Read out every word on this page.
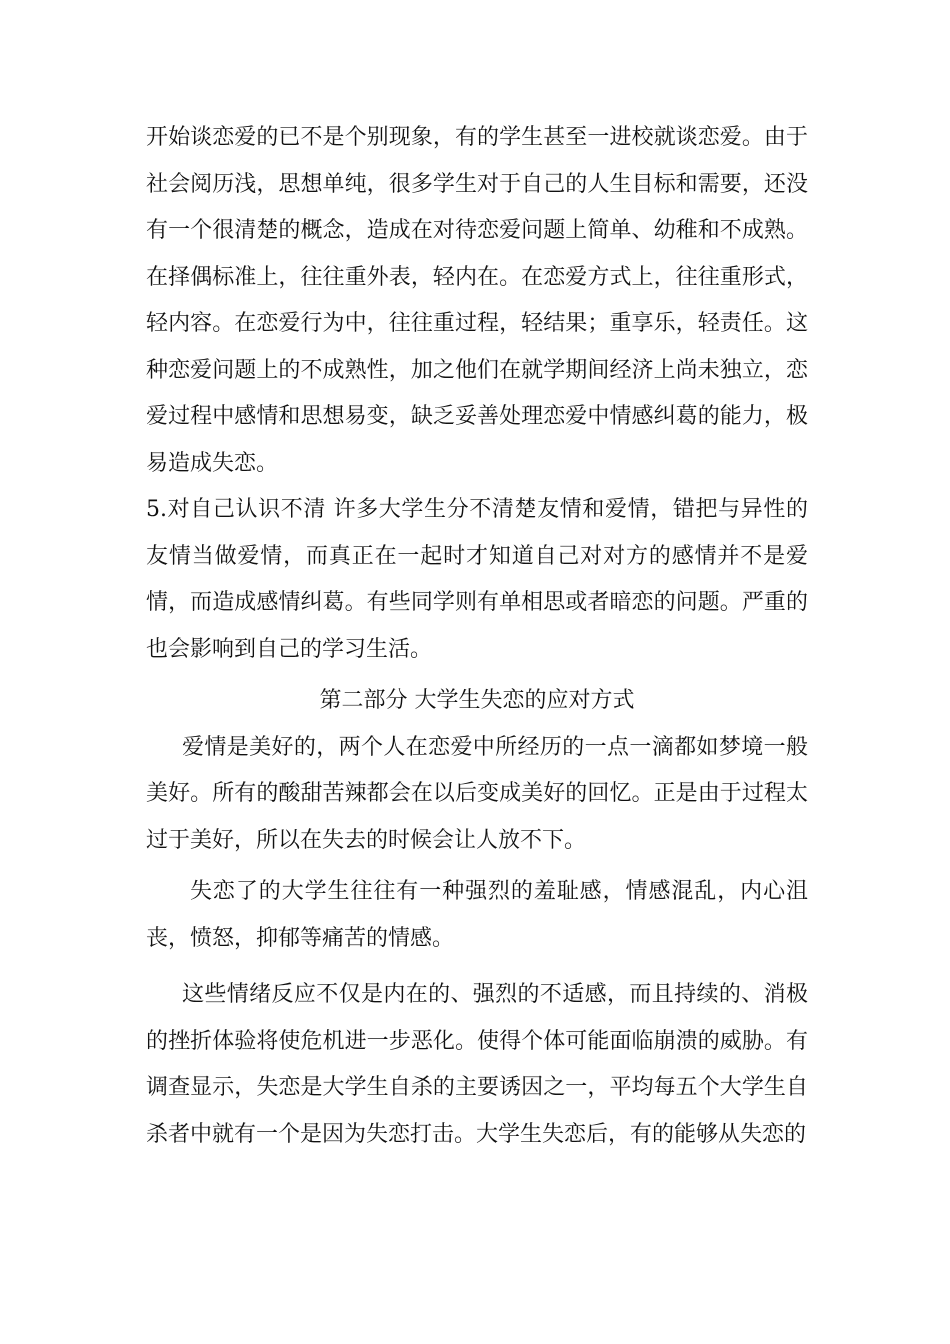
开始谈恋爱的已不是个别现象，有的学生甚至一进校就谈恋爱。由于社会阅历浅，思想单纯，很多学生对于自己的人生目标和需要，还没有一个很清楚的概念，造成在对待恋爱问题上简单、幼稚和不成熟。在择偶标准上，往往重外表，轻内在。在恋爱方式上，往往重形式，轻内容。在恋爱行为中，往往重过程，轻结果；重享乐，轻责任。这种恋爱问题上的不成熟性，加之他们在就学期间经济上尚未独立，恋爱过程中感情和思想易变，缺乏妥善处理恋爱中情感纠葛的能力，极易造成失恋。

5.对自己认识不清 许多大学生分不清楚友情和爱情，错把与异性的友情当做爱情，而真正在一起时才知道自己对对方的感情并不是爱情，而造成感情纠葛。有些同学则有单相思或者暗恋的问题。严重的也会影响到自己的学习生活。

第二部分 大学生失恋的应对方式

爱情是美好的，两个人在恋爱中所经历的一点一滴都如梦境一般美好。所有的酸甜苦辣都会在以后变成美好的回忆。正是由于过程太过于美好，所以在失去的时候会让人放不下。

失恋了的大学生往往有一种强烈的羞耻感，情感混乱，内心沮丧，愤怒，抑郁等痛苦的情感。

这些情绪反应不仅是内在的、强烈的不适感，而且持续的、消极的挫折体验将使危机进一步恶化。使得个体可能面临崩溃的威胁。有调查显示，失恋是大学生自杀的主要诱因之一，平均每五个大学生自杀者中就有一个是因为失恋打击。大学生失恋后，有的能够从失恋的
